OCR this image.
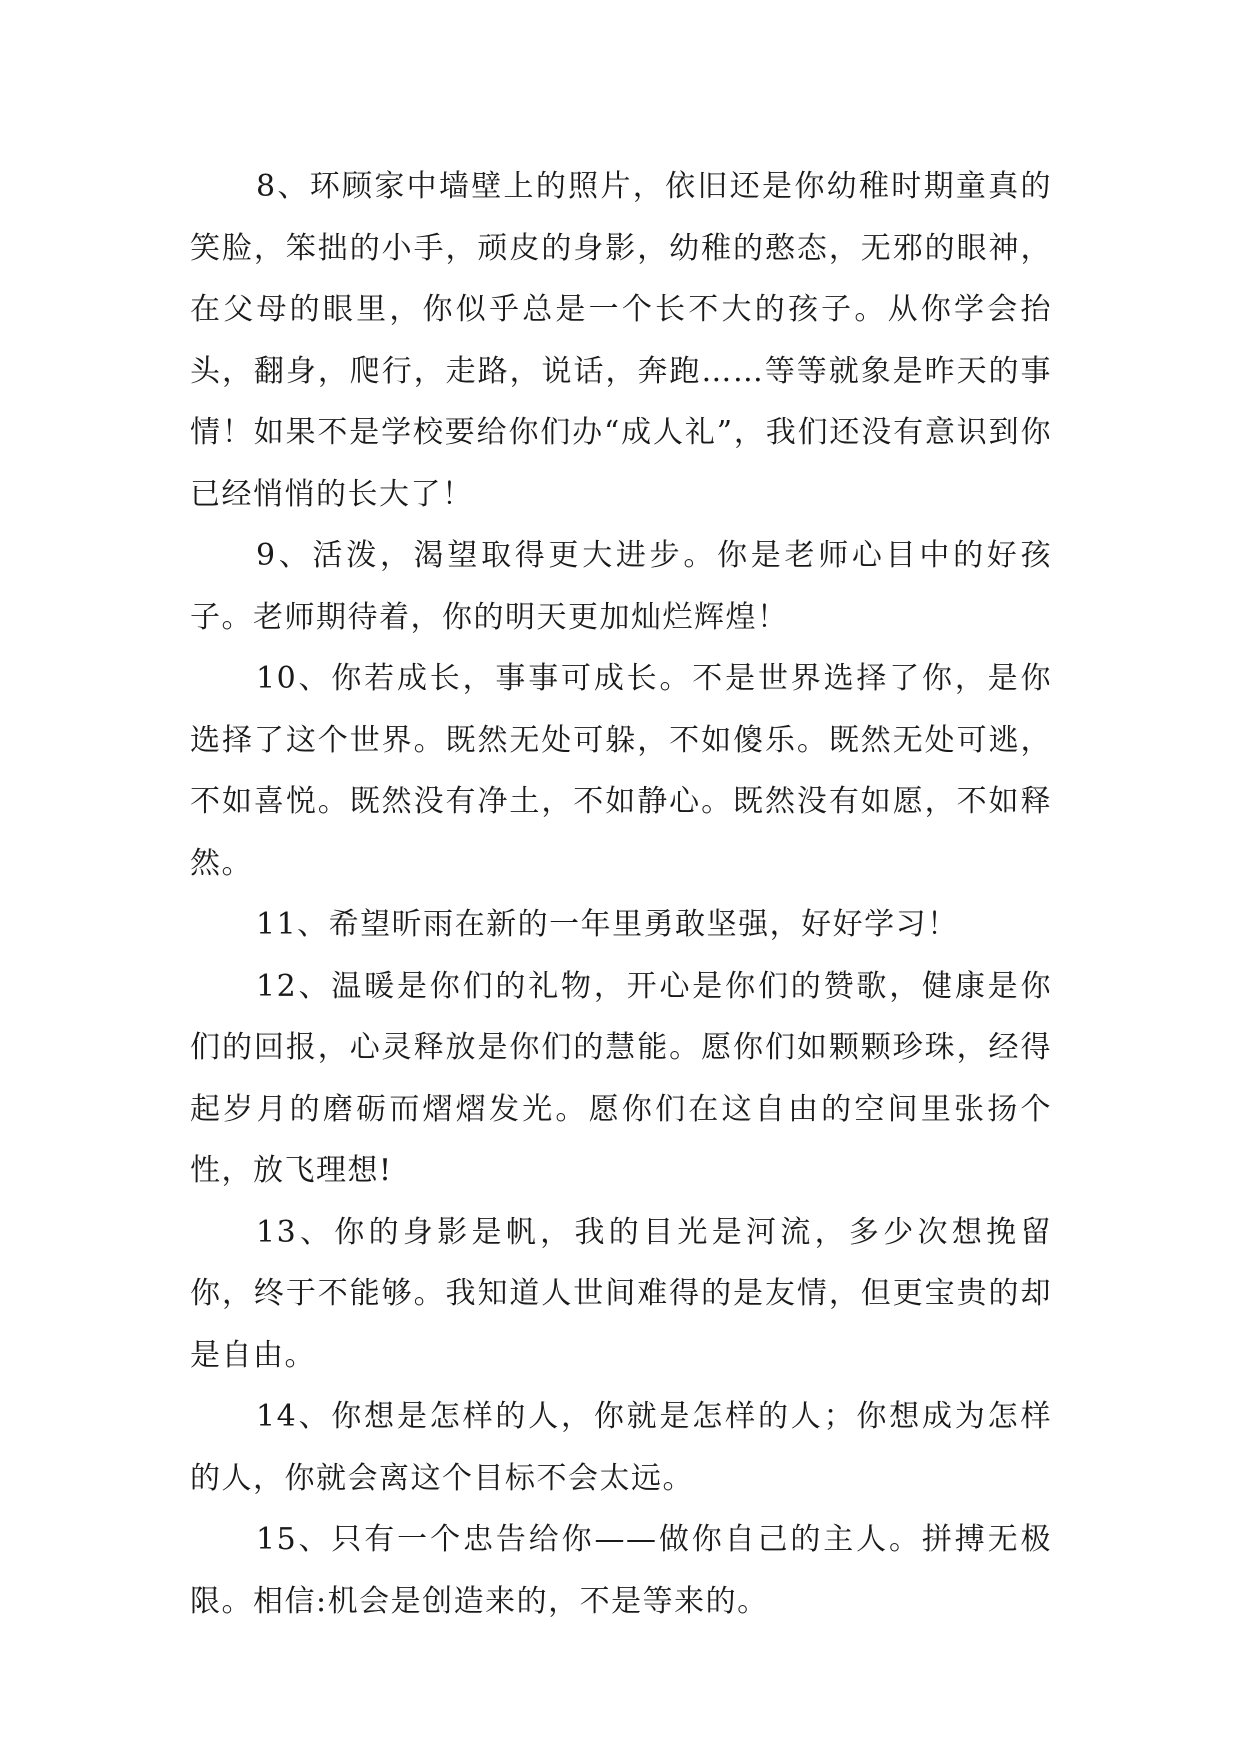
8、环顾家中墙壁上的照片，依旧还是你幼稚时期童真的笑脸，笨拙的小手，顽皮的身影，幼稚的憨态，无邪的眼神，在父母的眼里，你似乎总是一个长不大的孩子。从你学会抬头，翻身，爬行，走路，说话，奔跑……等等就象是昨天的事情！如果不是学校要给你们办“成人礼”，我们还没有意识到你已经悄悄的长大了！

9、活泼，渴望取得更大进步。你是老师心目中的好孩子。老师期待着，你的明天更加灿烂辉煌！

10、你若成长，事事可成长。不是世界选择了你，是你选择了这个世界。既然无处可躲，不如傻乐。既然无处可逃，不如喜悦。既然没有净土，不如静心。既然没有如愿，不如释然。

11、希望昕雨在新的一年里勇敢坚强，好好学习！

12、温暖是你们的礼物，开心是你们的赞歌，健康是你们的回报，心灵释放是你们的慧能。愿你们如颗颗珍珠，经得起岁月的磨砺而熠熠发光。愿你们在这自由的空间里张扬个性，放飞理想!

13、你的身影是帆，我的目光是河流，多少次想挽留你，终于不能够。我知道人世间难得的是友情，但更宝贵的却是自由。

14、你想是怎样的人，你就是怎样的人；你想成为怎样的人，你就会离这个目标不会太远。

15、只有一个忠告给你——做你自己的主人。拼搏无极限。相信:机会是创造来的，不是等来的。
